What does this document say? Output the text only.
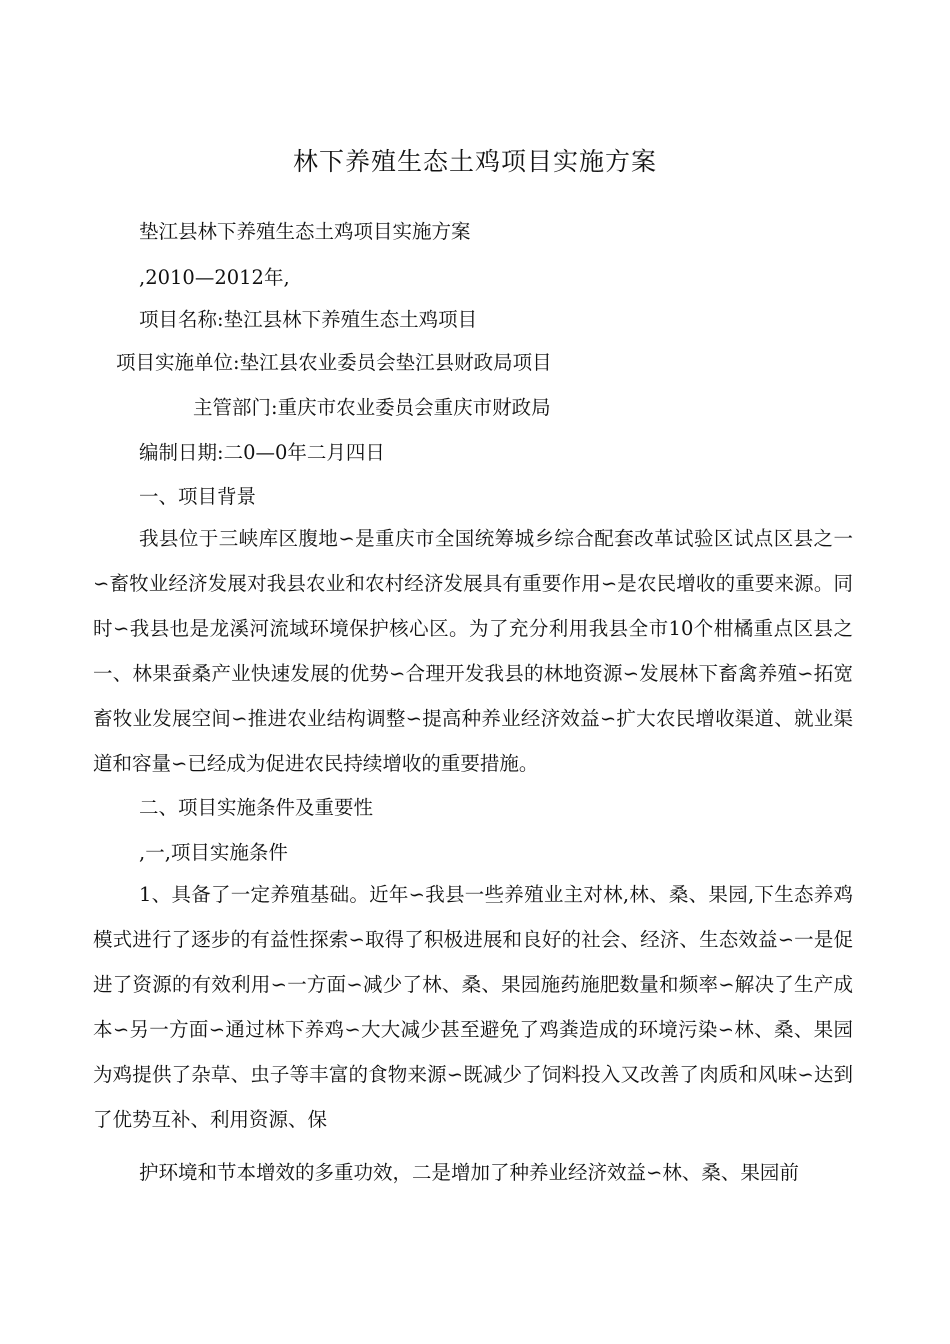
林下养殖生态土鸡项目实施方案
垫江县林下养殖生态土鸡项目实施方案
,2010—2012年,
项目名称:垫江县林下养殖生态土鸡项目
项目实施单位:垫江县农业委员会垫江县财政局项目
主管部门:重庆市农业委员会重庆市财政局
编制日期:二0—0年二月四日
一、项目背景

我县位于三峡库区腹地∽是重庆市全国统筹城乡综合配套改革试验区试点区县之一∽畜牧业经济发展对我县农业和农村经济发展具有重要作用∽是农民增收的重要来源。同时∽我县也是龙溪河流域环境保护核心区。为了充分利用我县全市10个柑橘重点区县之一、林果蚕桑产业快速发展的优势∽合理开发我县的林地资源∽发展林下畜禽养殖∽拓宽畜牧业发展空间∽推进农业结构调整∽提高种养业经济效益∽扩大农民增收渠道、就业渠道和容量∽已经成为促进农民持续增收的重要措施。

二、项目实施条件及重要性
,一,项目实施条件

1、具备了一定养殖基础。近年∽我县一些养殖业主对林,林、桑、果园,下生态养鸡模式进行了逐步的有益性探索∽取得了积极进展和良好的社会、经济、生态效益∽一是促进了资源的有效利用∽一方面∽减少了林、桑、果园施药施肥数量和频率∽解决了生产成本∽另一方面∽通过林下养鸡∽大大减少甚至避免了鸡粪造成的环境污染∽林、桑、果园为鸡提供了杂草、虫子等丰富的食物来源∽既减少了饲料投入又改善了肉质和风味∽达到了优势互补、利用资源、保

护环境和节本增效的多重功效，二是增加了种养业经济效益∽林、桑、果园前
